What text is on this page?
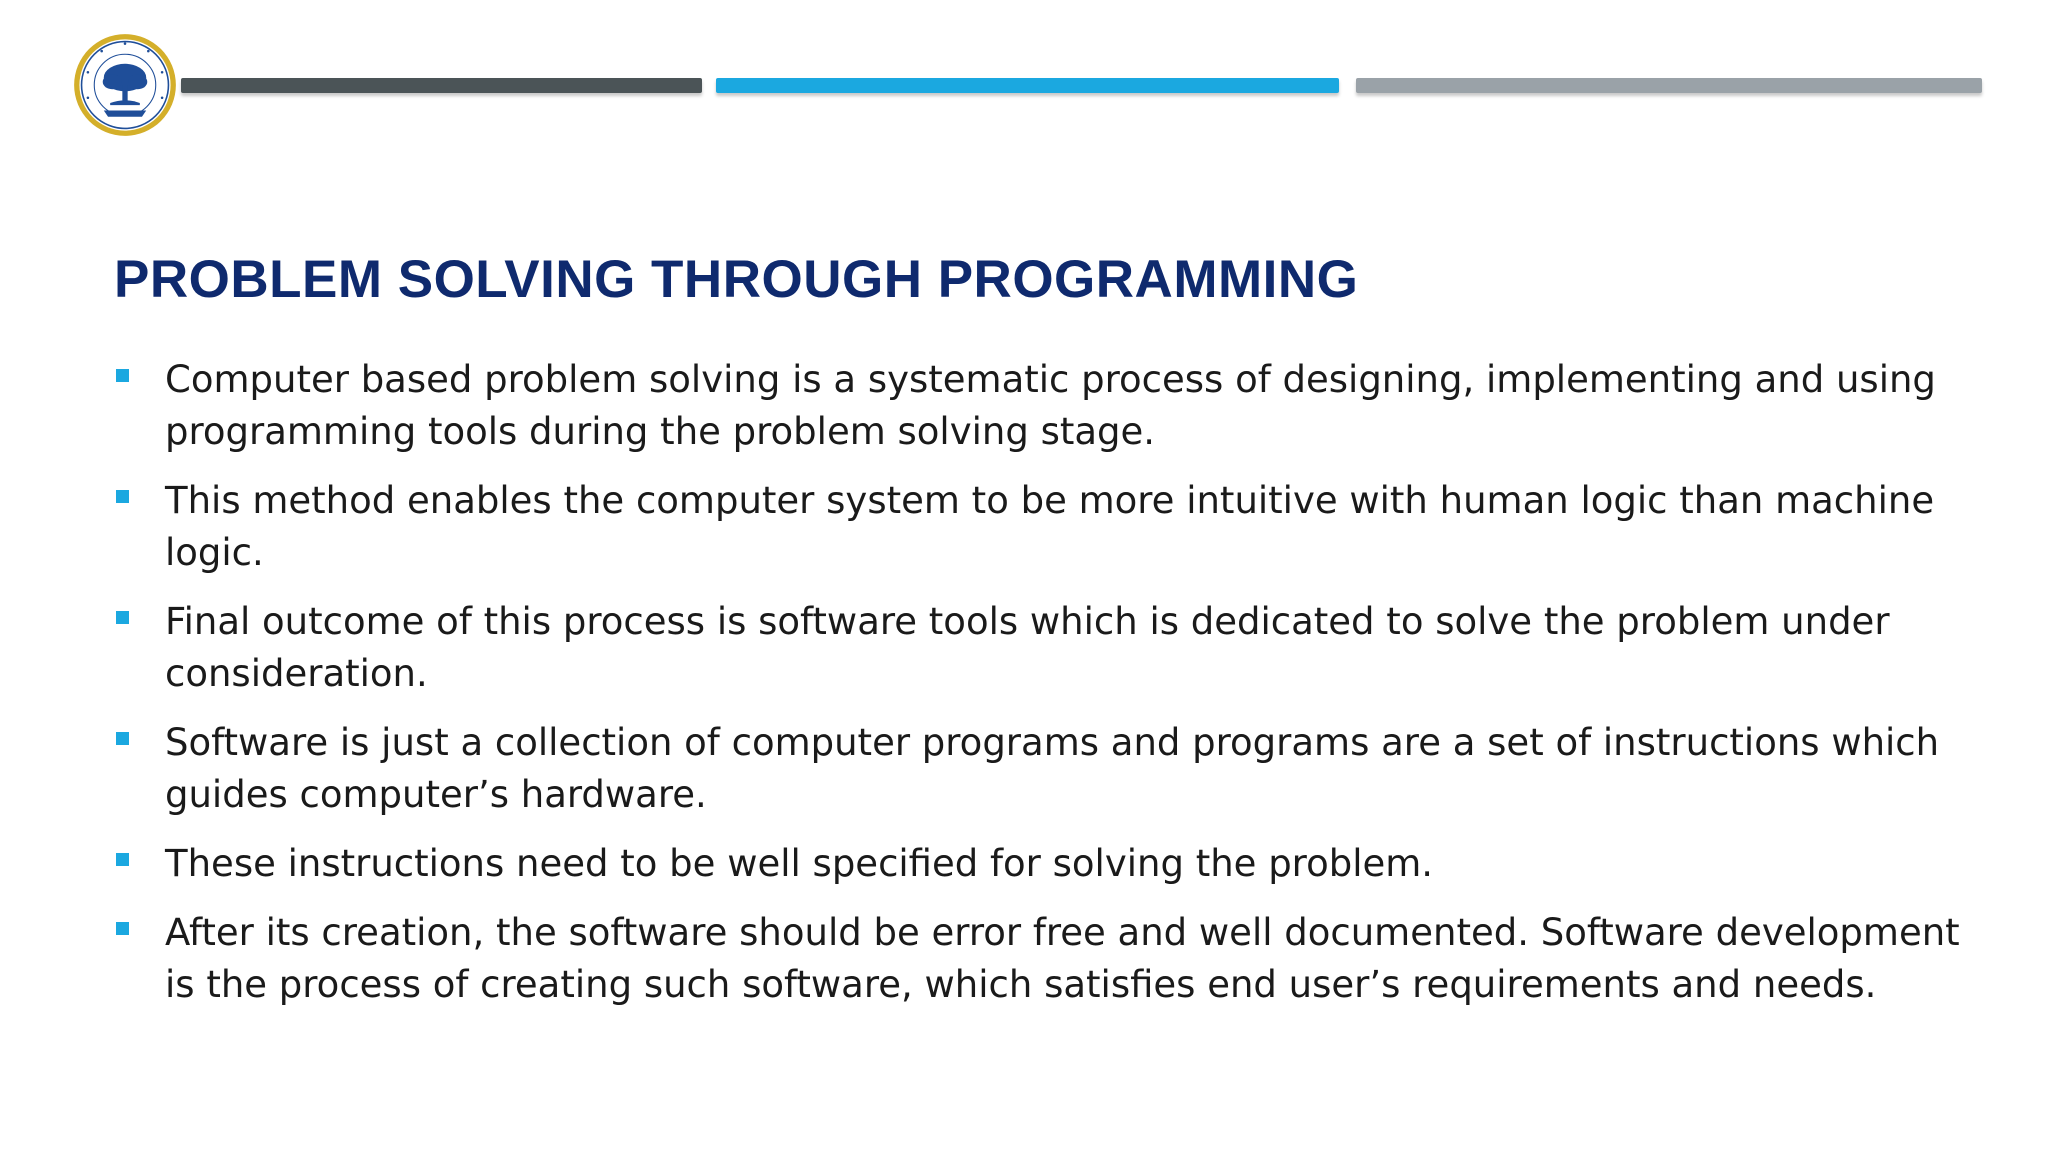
PROBLEM SOLVING THROUGH PROGRAMMING
Computer based problem solving is a systematic process of designing, implementing and using programming tools during the problem solving stage.
This method enables the computer system to be more intuitive with human logic than machine logic.
Final outcome of this process is software tools which is dedicated to solve the problem under consideration.
Software is just a collection of computer programs and programs are a set of instructions which guides computer’s hardware.
These instructions need to be well specified for solving the problem.
After its creation, the software should be error free and well documented. Software development is the process of creating such software, which satisfies end user’s requirements and needs.
